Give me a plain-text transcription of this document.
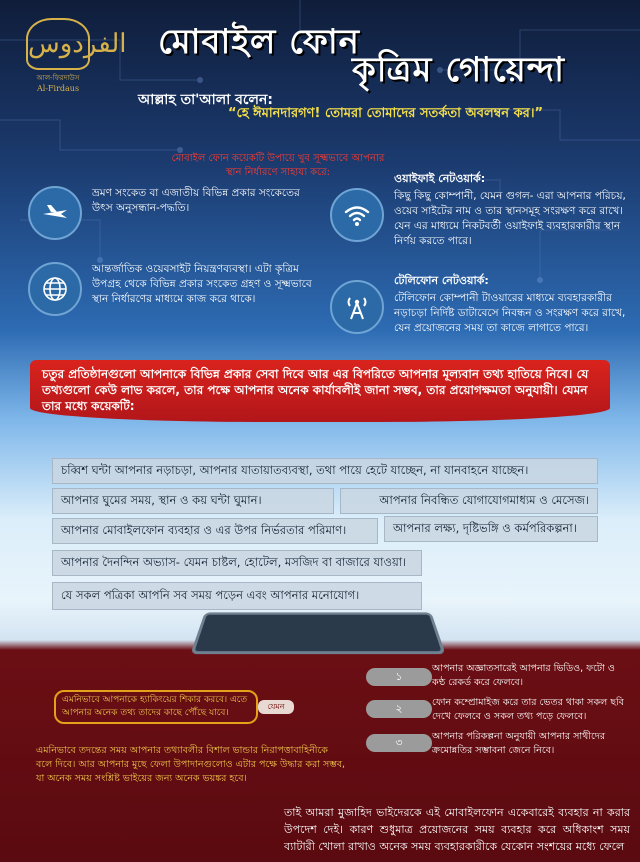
الفردوس
আল-ফিরদাউস
Al-Firdaus
মোবাইল ফোন
কৃত্রিম গোয়েন্দা
আল্লাহ তা'আলা বলেন:
“হে ঈমানদারগণ! তোমরা তোমাদের সতর্কতা অবলম্বন কর।”
মোবাইল ফোন কয়েকটি উপায়ে খুব সূক্ষ্মভাবে আপনার স্থান নির্ধারণে সাহায্য করে:
ভ্রমণ সংকেত বা এজাতীয় বিভিন্ন প্রকার সংকেতের উৎস অনুসন্ধান-পদ্ধতি।
আন্তর্জাতিক ওয়েবসাইট নিয়ন্ত্রণব্যবস্থা। এটা কৃত্রিম উপগ্রহ থেকে বিভিন্ন প্রকার সংকেত গ্রহণ ও সূক্ষ্মভাবে স্থান নির্ধারণের মাধ্যমে কাজ করে থাকে।
ওয়াইফাই নেটওয়ার্ক:
কিছু কিছু কোম্পানী, যেমন গুগল- এরা আপনার পরিচয়, ওয়েব সাইটের নাম ও তার স্থানসমূহ সংরক্ষণ করে রাখে। যেন এর মাধ্যমে নিকটবর্তী ওয়াইফাই ব্যবহারকারীর স্থান নির্ণয় করতে পারে।
টেলিফোন নেটওয়ার্ক:
টেলিফোন কোম্পানী টাওয়ারের মাধ্যমে ব্যবহারকারীর নড়াচড়া নির্দিষ্ট ডাটাবেসে নিবন্ধন ও সংরক্ষণ করে রাখে, যেন প্রয়োজনের সময় তা কাজে লাগাতে পারে।

চতুর প্রতিষ্ঠানগুলো আপনাকে বিভিন্ন প্রকার সেবা দিবে আর এর বিপরিতে আপনার মূল্যবান তথ্য হাতিয়ে নিবে। যে তথ্যগুলো কেউ লাভ করলে, তার পক্ষে আপনার অনেক কার্যাবলীই জানা সম্ভব, তার প্রয়োগক্ষমতা অনুযায়ী। যেমন তার মধ্যে কয়েকটি:

চব্বিশ ঘন্টা আপনার নড়াচড়া, আপনার যাতায়াতব্যবস্থা, তথা পায়ে হেটে যাচ্ছেন, না যানবাহনে যাচ্ছেন।
আপনার ঘুমের সময়, স্থান ও কয় ঘন্টা ঘুমান।	আপনার নিবন্ধিত যোগাযোগমাধ্যম ও মেসেজ।
আপনার মোবাইলফোন ব্যবহার ও এর উপর নির্ভরতার পরিমাণ।	আপনার লক্ষ্য, দৃষ্টিভঙ্গি ও কর্মপরিকল্পনা।
আপনার দৈনন্দিন অভ্যাস- যেমন চাষ্টল, হোটেল, মসজিদ বা বাজারে যাওয়া।
যে সকল পত্রিকা আপনি সব সময় পড়েন এবং আপনার মনোযোগ।
১
আপনার অজ্ঞাতসারেই আপনার ভিডিও, ফটো ও কণ্ঠ রেকর্ড করে ফেলবে।
২	ফোন কম্প্রোমাইজ করে তার ভেতর থাকা সকল ছবি দেখে ফেলবে ও সকল তথ্য পড়ে ফেলবে।
৩	আপনার পরিকল্পনা অনুযায়ী আপনার সাথীদের ক্রমোন্নতির সম্ভাবনা জেনে নিবে।
এমনিভাবে আপনাকে হ্যাকিংয়ের শিকার করবে। এতে আপনার অনেক তথ্য তাদের কাছে পৌঁছে যাবে।
যেমন
এমনিভাবে তদন্তের সময় আপনার তথ্যাবলীর বিশাল ভান্ডার নিরাপত্তাবাহিনীকে বলে দিবে। আর আপনার মুছে ফেলা উপাদানগুলোও এটার পক্ষে উদ্ধার করা সম্ভব, যা অনেক সময় সংশ্লিষ্ট ভাইয়ের জন্য অনেক ভয়ঙ্কর হবে।
তাই আমরা মুজাহিদ ভাইদেরকে এই মোবাইলফোন একেবারেই ব্যবহার না করার উপদেশ দেই। কারণ শুধুমাত্র প্রয়োজনের সময় ব্যবহার করে অধিকাংশ সময় ব্যাটারী খোলা রাখাও অনেক সময় ব্যবহারকারীকে যেকোন সংশয়ের মধ্যে ফেলে
